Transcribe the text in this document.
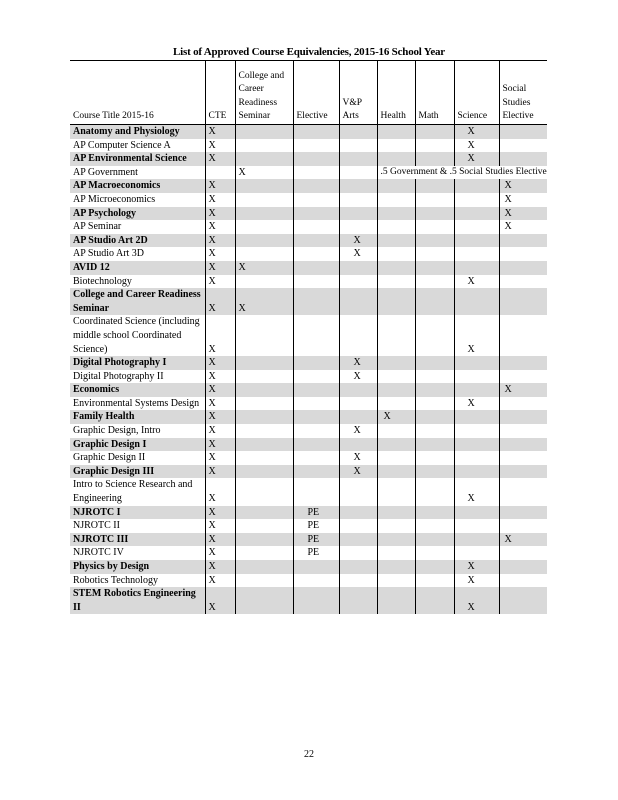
List of Approved Course Equivalencies, 2015-16 School Year
Course Title 2015-16	CTE	College and Career Readiness Seminar	Elective	V&P Arts	Health	Math	Science	Social Studies Elective
Anatomy and Physiology	X						X	
AP Computer Science A	X						X	
AP Environmental Science	X						X	
AP Government		X			.5 Government & .5 Social Studies Elective			
AP Macroeconomics	X							X
AP Microeconomics	X							X
AP Psychology	X							X
AP Seminar	X							X
AP Studio Art 2D	X			X				
AP Studio Art 3D	X			X				
AVID 12	X	X						
Biotechnology	X						X	
College and Career Readiness Seminar	X	X						
Coordinated Science (including middle school Coordinated Science)	X						X	
Digital Photography I	X			X				
Digital Photography II	X			X				
Economics	X							X
Environmental Systems Design	X						X	
Family Health	X				X			
Graphic Design, Intro	X			X				
Graphic Design I	X							
Graphic Design II	X			X				
Graphic Design III	X			X				
Intro to Science Research and Engineering	X						X	
NJROTC I	X		PE					
NJROTC II	X		PE					
NJROTC III	X		PE					X
NJROTC IV	X		PE					
Physics by Design	X						X	
Robotics Technology	X						X	
STEM Robotics Engineering II	X						X	
22
